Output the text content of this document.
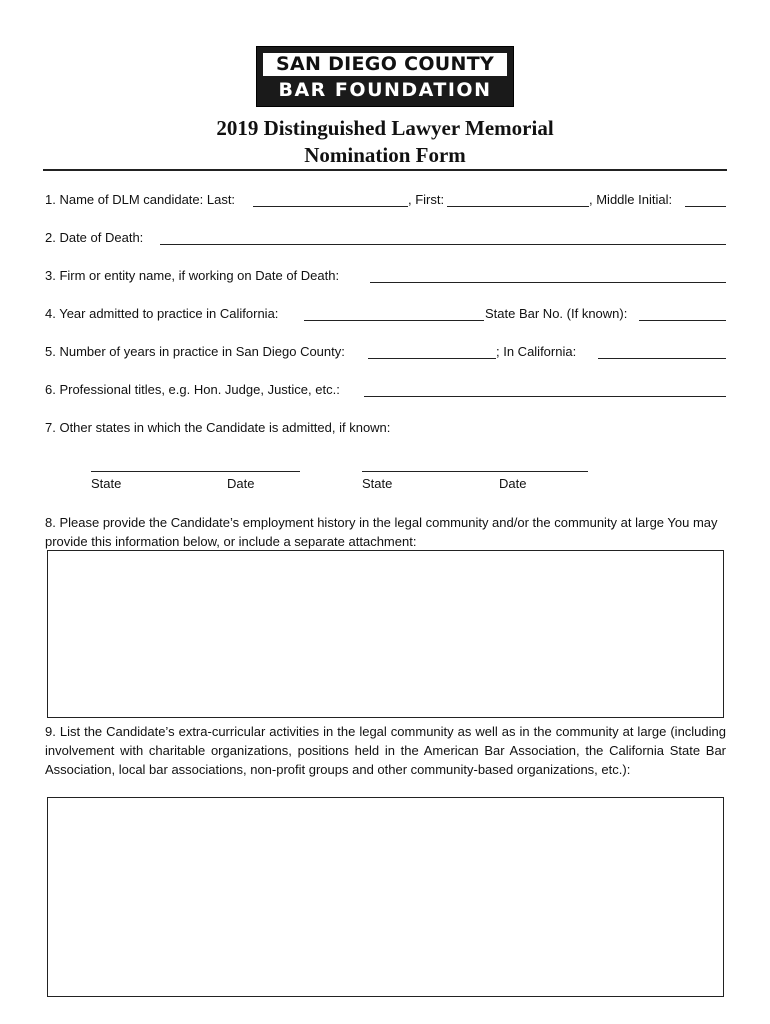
SAN DIEGO COUNTY
BAR FOUNDATION
2019 Distinguished Lawyer Memorial
Nomination Form
1. Name of DLM candidate: Last:	, First:	, Middle Initial:
2. Date of Death:
3. Firm or entity name, if working on Date of Death:
4. Year admitted to practice in California:	State Bar No. (If known):
5. Number of years in practice in San Diego County:	; In California:
6. Professional titles, e.g. Hon. Judge, Justice, etc.:
7. Other states in which the Candidate is admitted, if known:
State	Date	State	Date
8. Please provide the Candidate’s employment history in the legal community and/or the community at large You may provide this information below, or include a separate attachment:
9. List the Candidate’s extra-curricular activities in the legal community as well as in the community at large (including involvement with charitable organizations, positions held in the American Bar Association, the California State Bar Association, local bar associations, non-profit groups and other community-based organizations, etc.):
